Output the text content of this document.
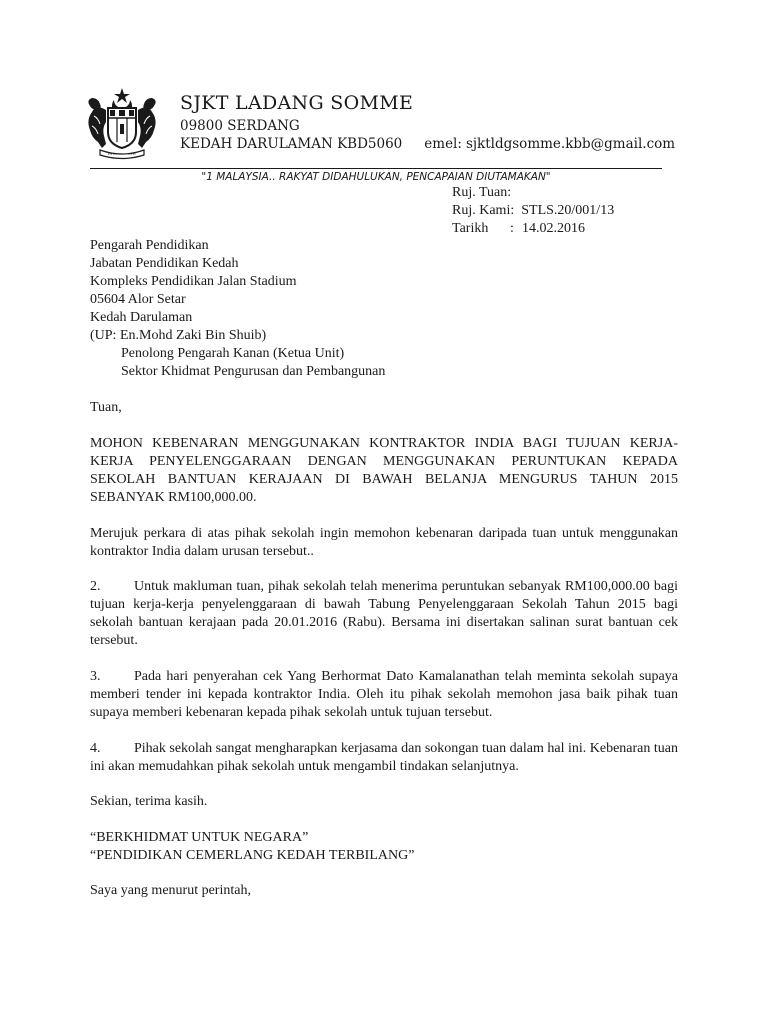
SJKT LADANG SOMME
09800 SERDANG
KEDAH DARULAMAN KBD5060 emel: sjktldgsomme.kbb@gmail.com
"1 MALAYSIA.. RAKYAT DIDAHULUKAN, PENCAPAIAN DIUTAMAKAN"
Ruj. Tuan:
Ruj. Kami:
STLS.20/001/13
Tarikh	: 14.02.2016

Pengarah Pendidikan

Jabatan Pendidikan Kedah

Kompleks Pendidikan Jalan Stadium

05604 Alor Setar

Kedah Darulaman

(UP: En.Mohd Zaki Bin Shuib)

Penolong Pengarah Kanan (Ketua Unit)

Sektor Khidmat Pengurusan dan Pembangunan

Tuan,
MOHON KEBENARAN MENGGUNAKAN KONTRAKTOR INDIA BAGI TUJUAN KERJA-KERJA PENYELENGGARAAN DENGAN MENGGUNAKAN PERUNTUKAN KEPADA SEKOLAH BANTUAN KERAJAAN DI BAWAH BELANJA MENGURUS TAHUN 2015 SEBANYAK RM100,000.00.
Merujuk perkara di atas pihak sekolah ingin memohon kebenaran daripada tuan untuk menggunakan kontraktor India dalam urusan tersebut..
2. Untuk makluman tuan, pihak sekolah telah menerima peruntukan sebanyak RM100,000.00 bagi tujuan kerja-kerja penyelenggaraan di bawah Tabung Penyelenggaraan Sekolah Tahun 2015 bagi sekolah bantuan kerajaan pada 20.01.2016 (Rabu). Bersama ini disertakan salinan surat bantuan cek tersebut.
3. Pada hari penyerahan cek Yang Berhormat Dato Kamalanathan telah meminta sekolah supaya memberi tender ini kepada kontraktor India. Oleh itu pihak sekolah memohon jasa baik pihak tuan supaya memberi kebenaran kepada pihak sekolah untuk tujuan tersebut.
4. Pihak sekolah sangat mengharapkan kerjasama dan sokongan tuan dalam hal ini. Kebenaran tuan ini akan memudahkan pihak sekolah untuk mengambil tindakan selanjutnya.
Sekian, terima kasih.

“BERKHIDMAT UNTUK NEGARA”

“PENDIDIKAN CEMERLANG KEDAH TERBILANG”

Saya yang menurut perintah,
